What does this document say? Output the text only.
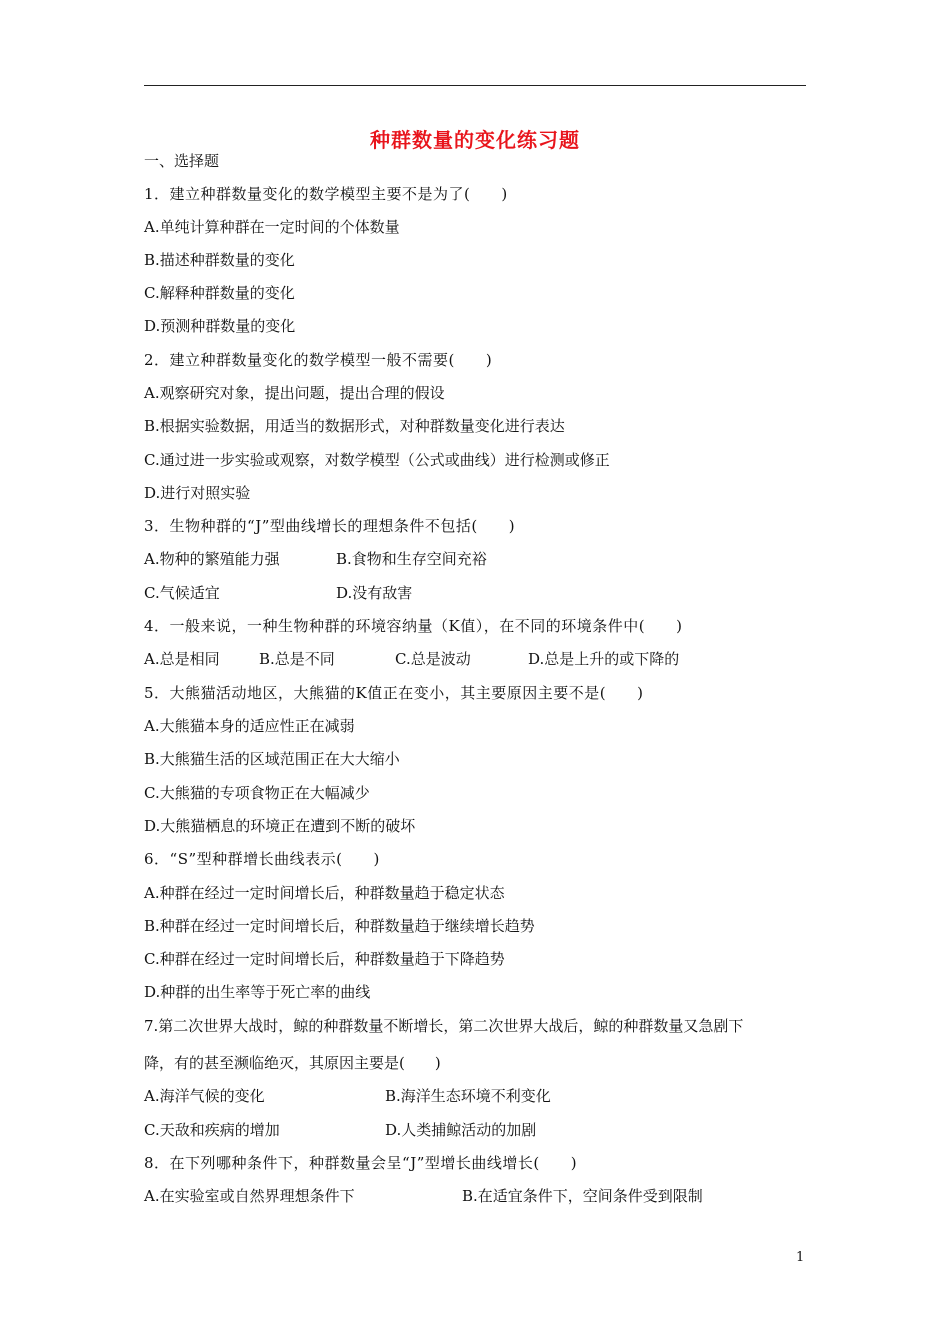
种群数量的变化练习题
一、选择题
1．建立种群数量变化的数学模型主要不是为了(　　)
A.单纯计算种群在一定时间的个体数量
B.描述种群数量的变化
C.解释种群数量的变化
D.预测种群数量的变化
2．建立种群数量变化的数学模型一般不需要(　　)
A.观察研究对象，提出问题，提出合理的假设
B.根据实验数据，用适当的数据形式，对种群数量变化进行表达
C.通过进一步实验或观察，对数学模型（公式或曲线）进行检测或修正
D.进行对照实验
3．生物种群的“J”型曲线增长的理想条件不包括(　　)
A.物种的繁殖能力强	B.食物和生存空间充裕
C.气候适宜	D.没有敌害
4．一般来说，一种生物种群的环境容纳量（K值），在不同的环境条件中(　　)
A.总是相同	B.总是不同	C.总是波动	D.总是上升的或下降的
5．大熊猫活动地区，大熊猫的K值正在变小，其主要原因主要不是(　　)
A.大熊猫本身的适应性正在减弱
B.大熊猫生活的区域范围正在大大缩小
C.大熊猫的专项食物正在大幅减少
D.大熊猫栖息的环境正在遭到不断的破坏
6．“S”型种群增长曲线表示(　　)
A.种群在经过一定时间增长后，种群数量趋于稳定状态
B.种群在经过一定时间增长后，种群数量趋于继续增长趋势
C.种群在经过一定时间增长后，种群数量趋于下降趋势
D.种群的出生率等于死亡率的曲线
7.第二次世界大战时，鲸的种群数量不断增长，第二次世界大战后，鲸的种群数量又急剧下
降，有的甚至濒临绝灭，其原因主要是(　　)
A.海洋气候的变化	B.海洋生态环境不利变化
C.天敌和疾病的增加	D.人类捕鲸活动的加剧
8．在下列哪种条件下，种群数量会呈“J”型增长曲线增长(　　)
A.在实验室或自然界理想条件下	B.在适宜条件下，空间条件受到限制
1
